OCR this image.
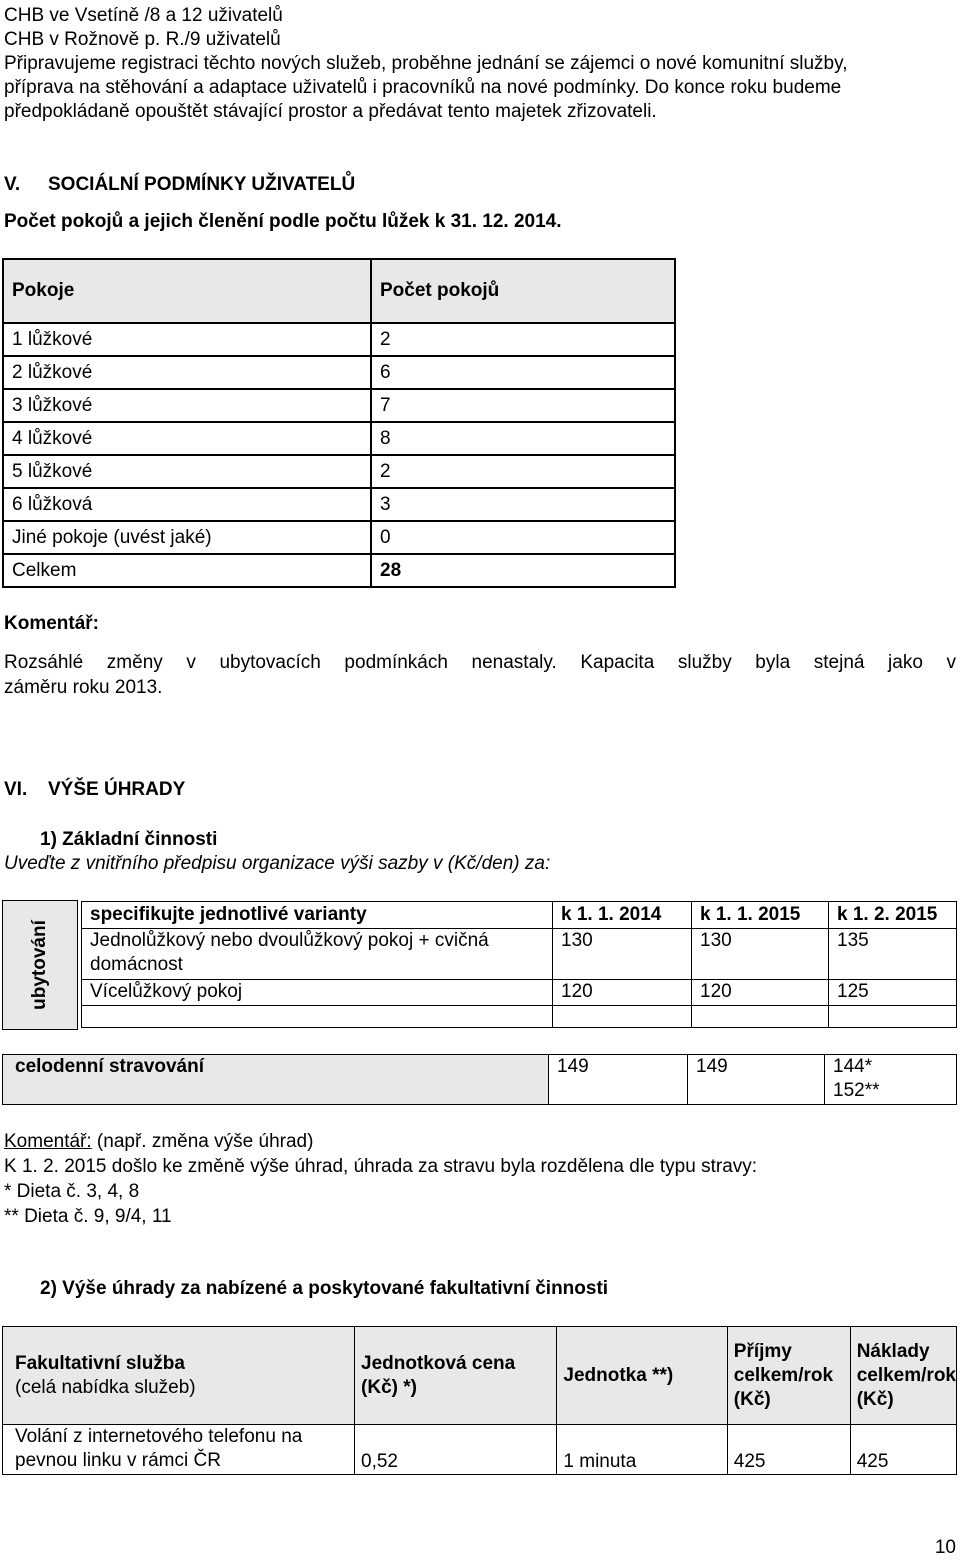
CHB ve Vsetíně /8 a 12 uživatelů
CHB v Rožnově p. R./9 uživatelů
Připravujeme registraci těchto nových služeb, proběhne jednání se zájemci o nové komunitní služby,
příprava na stěhování a adaptace uživatelů i pracovníků na nové podmínky. Do konce roku budeme
předpokládaně opouštět stávající prostor a předávat tento majetek zřizovateli.
V. SOCIÁLNÍ PODMÍNKY UŽIVATELŮ
Počet pokojů a jejich členění podle počtu lůžek k 31. 12. 2014.
Pokoje	Počet pokojů
1 lůžkové	2
2 lůžkové	6
3 lůžkové	7
4 lůžkové	8
5 lůžkové	2
6 lůžková	3
Jiné pokoje (uvést jaké)	0
Celkem	28
Komentář:
Rozsáhlé změny v ubytovacích podmínkách nenastaly. Kapacita služby byla stejná jako v
záměru roku 2013.
VI. VÝŠE ÚHRADY
1) Základní činnosti
Uveďte z vnitřního předpisu organizace výši sazby v (Kč/den) za:
ubytování
specifikujte jednotlivé varianty	k 1. 1. 2014	k 1. 1. 2015	k 1. 2. 2015
Jednolůžkový nebo dvoulůžkový pokoj + cvičná domácnost	130	130	135
Vícelůžkový pokoj	120	120	125

celodenní stravování	149	149	144*
152**
Komentář: (např. změna výše úhrad)
K 1. 2. 2015 došlo ke změně výše úhrad, úhrada za stravu byla rozdělena dle typu stravy:
* Dieta č. 3, 4, 8
** Dieta č. 9, 9/4, 11
2) Výše úhrady za nabízené a poskytované fakultativní činnosti
Fakultativní služba
(celá nabídka služeb)	Jednotková cena (Kč) *)	Jednotka **)	Příjmy celkem/rok (Kč)	Náklady celkem/rok (Kč)
Volání z internetového telefonu na pevnou linku v rámci ČR	0,52	1 minuta	425	425
10
